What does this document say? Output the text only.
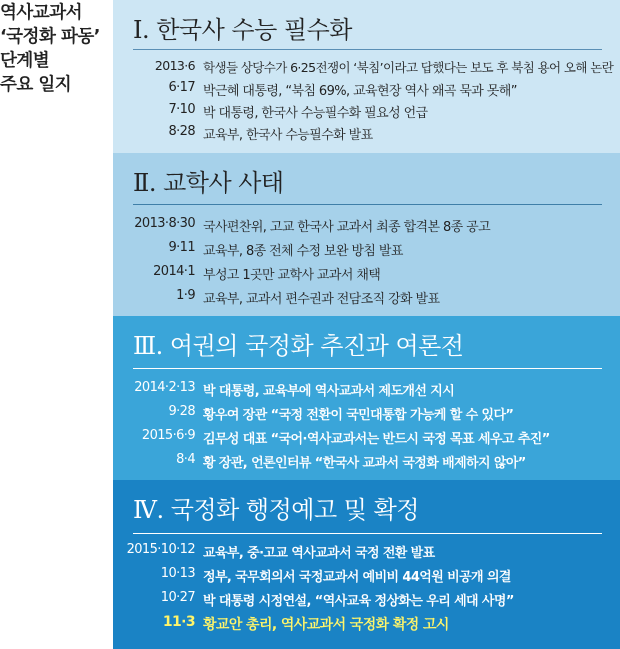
역사교과서
‘국정화 파동’
단계별
주요 일지
Ⅰ. 한국사 수능 필수화
2013·6 학생들 상당수가 6·25전쟁이 ‘북침’이라고 답했다는 보도 후 북침 용어 오해 논란
6·17 박근혜 대통령, “북침 69%, 교육현장 역사 왜곡 묵과 못해”
7·10 박 대통령, 한국사 수능필수화 필요성 언급
8·28 교육부, 한국사 수능필수화 발표
Ⅱ. 교학사 사태
2013·8·30 국사편찬위, 고교 한국사 교과서 최종 합격본 8종 공고
9·11 교육부, 8종 전체 수정 보완 방침 발표
2014·1 부성고 1곳만 교학사 교과서 채택
1·9 교육부, 교과서 편수권과 전담조직 강화 발표
Ⅲ. 여권의 국정화 추진과 여론전
2014·2·13 박 대통령, 교육부에 역사교과서 제도개선 지시
9·28 황우여 장관 “국정 전환이 국민대통합 가능케 할 수 있다”
2015·6·9 김무성 대표 “국어·역사교과서는 반드시 국정 목표 세우고 추진”
8·4 황 장관, 언론인터뷰 “한국사 교과서 국정화 배제하지 않아”
Ⅳ. 국정화 행정예고 및 확정
2015·10·12 교육부, 중·고교 역사교과서 국정 전환 발표
10·13 정부, 국무회의서 국정교과서 예비비 44억원 비공개 의결
10·27 박 대통령 시정연설, “역사교육 정상화는 우리 세대 사명”
11·3 황교안 총리, 역사교과서 국정화 확정 고시
